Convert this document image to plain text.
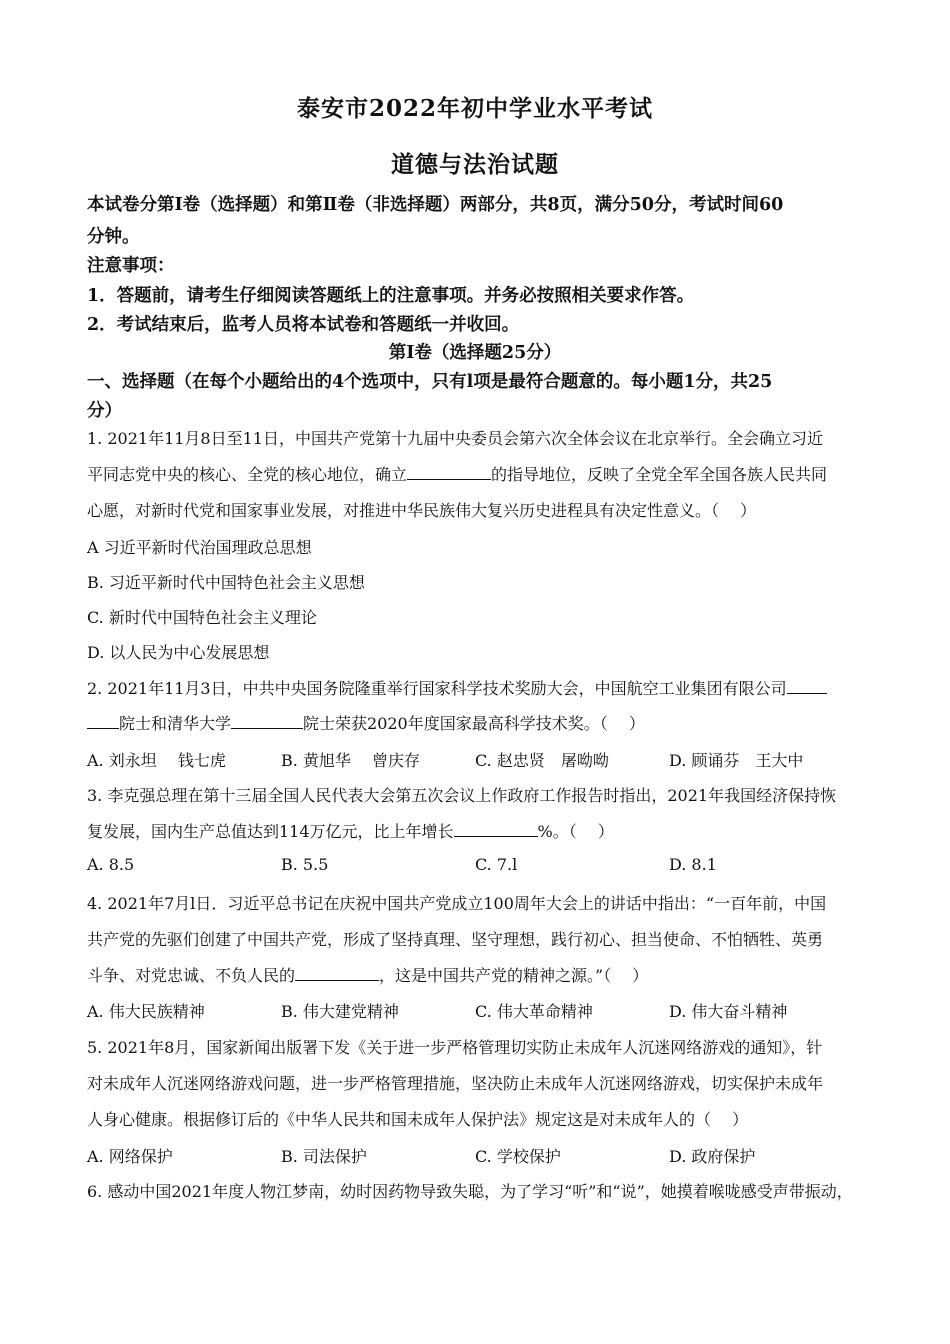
泰安市2022年初中学业水平考试
道德与法治试题
本试卷分第Ⅰ卷（选择题）和第Ⅱ卷（非选择题）两部分，共8页，满分50分，考试时间60
分钟。
注意事项：
1．答题前，请考生仔细阅读答题纸上的注意事项。并务必按照相关要求作答。
2．考试结束后，监考人员将本试卷和答题纸一并收回。
第Ⅰ卷（选择题25分）
一、选择题（在每个小题给出的4个选项中，只有l项是最符合题意的。每小题1分，共25
分）
1. 2021年11月8日至11日，中国共产党第十九届中央委员会第六次全体会议在北京举行。全会确立习近
平同志党中央的核心、全党的核心地位，确立	的指导地位，反映了全党全军全国各族人民共同
心愿，对新时代党和国家事业发展，对推进中华民族伟大复兴历史进程具有决定性意义。（　 ）
A 习近平新时代治国理政总思想
B. 习近平新时代中国特色社会主义思想
C. 新时代中国特色社会主义理论
D. 以人民为中心发展思想
2. 2021年11月3日，中共中央国务院隆重举行国家科学技术奖励大会，中国航空工业集团有限公司
院士和清华大学	院士荣获2020年度国家最高科学技术奖。（　 ）
A. 刘永坦　 钱七虎	B. 黄旭华　 曾庆存	C. 赵忠贤　屠呦呦	D. 顾诵芬　王大中
3. 李克强总理在第十三届全国人民代表大会第五次会议上作政府工作报告时指出，2021年我国经济保持恢
复发展，国内生产总值达到114万亿元，比上年增长	%。（　 ）
A. 8.5	B. 5.5	C. 7.l	D. 8.1
4. 2021年7月l日．习近平总书记在庆祝中国共产党成立100周年大会上的讲话中指出：“一百年前，中国
共产党的先驱们创建了中国共产党，形成了坚持真理、坚守理想，践行初心、担当使命、不怕牺牲、英勇
斗争、对党忠诚、不负人民的	，这是中国共产党的精神之源。”（　 ）
A. 伟大民族精神	B. 伟大建党精神	C. 伟大革命精神	D. 伟大奋斗精神
5. 2021年8月，国家新闻出版署下发《关于进一步严格管理切实防止未成年人沉迷网络游戏的通知》，针
对未成年人沉迷网络游戏问题，进一步严格管理措施，坚决防止未成年人沉迷网络游戏，切实保护未成年
人身心健康。根据修订后的《中华人民共和国未成年人保护法》规定这是对未成年人的（　 ）
A. 网络保护	B. 司法保护	C. 学校保护	D. 政府保护
6. 感动中国2021年度人物江梦南，幼时因药物导致失聪，为了学习“听”和“说”，她摸着喉咙感受声带振动，
